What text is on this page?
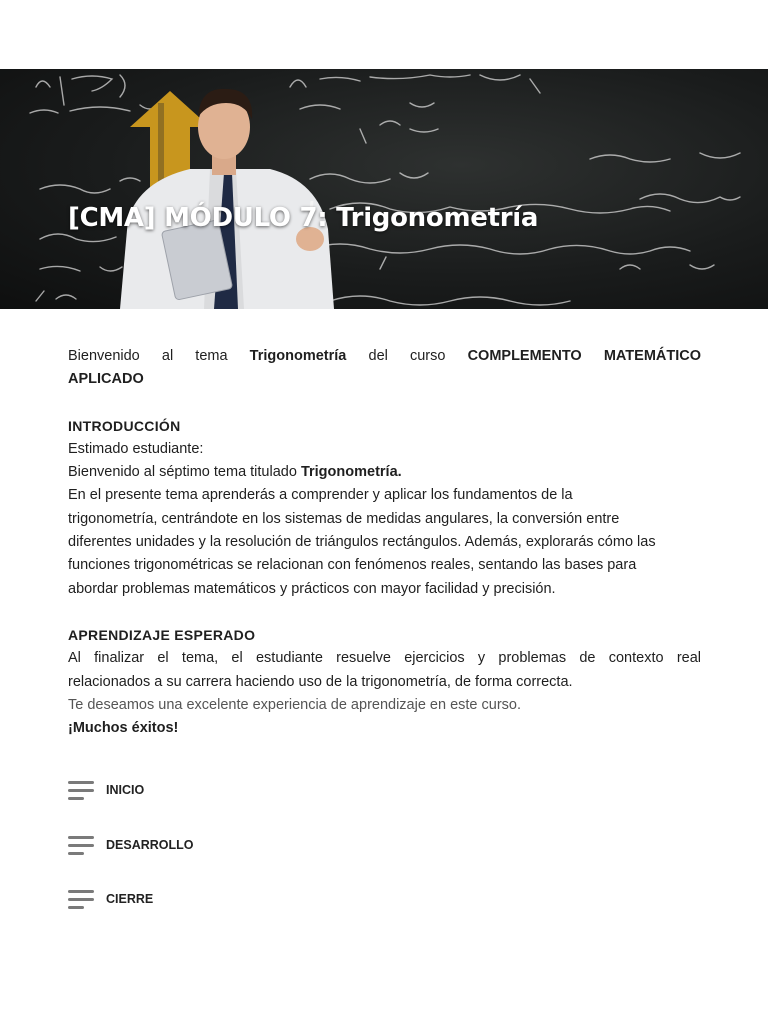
[CMA] MÓDULO 7: Trigonometría

Bienvenido al tema Trigonometría del curso COMPLEMENTO MATEMÁTICO

APLICADO

INTRODUCCIÓN

Estimado estudiante:

Bienvenido al séptimo tema titulado Trigonometría.

En el presente tema aprenderás a comprender y aplicar los fundamentos de la

trigonometría, centrándote en los sistemas de medidas angulares, la conversión entre

diferentes unidades y la resolución de triángulos rectángulos. Además, explorarás cómo las

funciones trigonométricas se relacionan con fenómenos reales, sentando las bases para

abordar problemas matemáticos y prácticos con mayor facilidad y precisión.

APRENDIZAJE ESPERADO

Al finalizar el tema, el estudiante resuelve ejercicios y problemas de contexto real

relacionados a su carrera haciendo uso de la trigonometría, de forma correcta.

Te deseamos una excelente experiencia de aprendizaje en este curso.

¡Muchos éxitos!

INICIO
DESARROLLO
CIERRE
